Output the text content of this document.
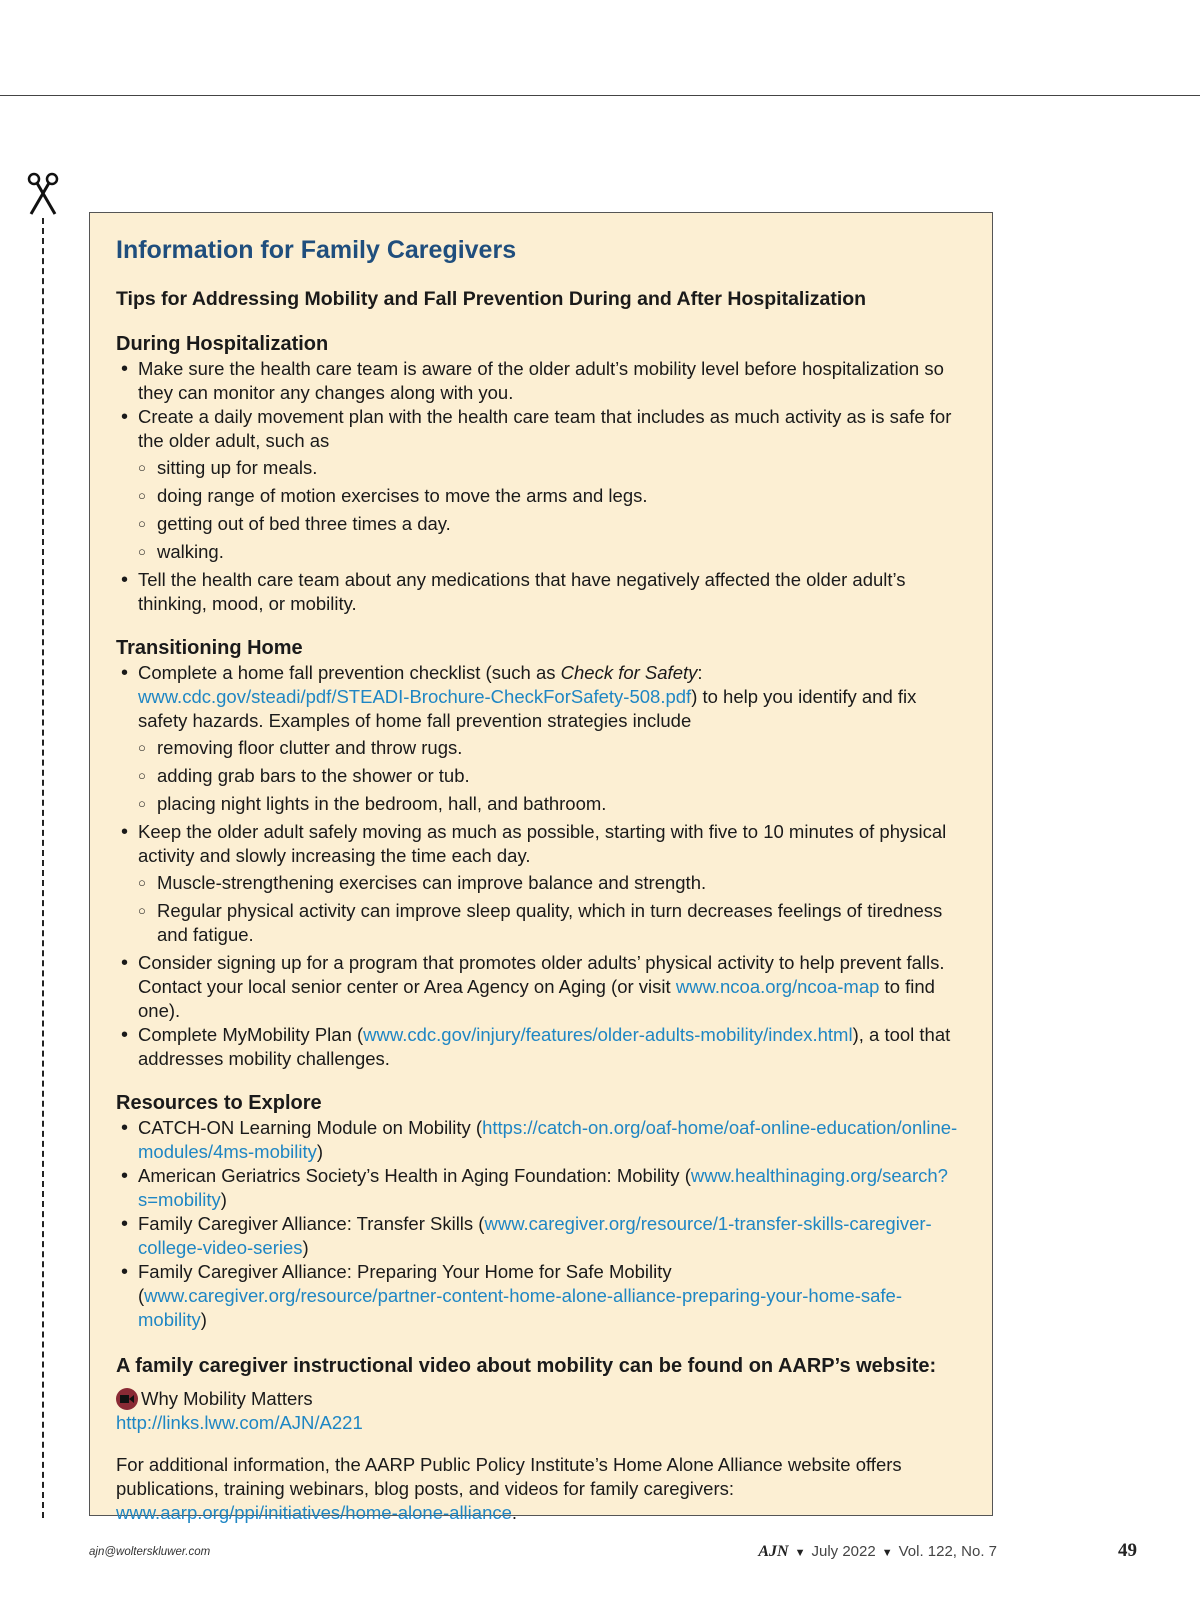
Information for Family Caregivers
Tips for Addressing Mobility and Fall Prevention During and After Hospitalization
During Hospitalization
• Make sure the health care team is aware of the older adult’s mobility level before hospitalization so they can monitor any changes along with you.
• Create a daily movement plan with the health care team that includes as much activity as is safe for the older adult, such as
○ sitting up for meals.
○ doing range of motion exercises to move the arms and legs.
○ getting out of bed three times a day.
○ walking.
• Tell the health care team about any medications that have negatively affected the older adult’s thinking, mood, or mobility.
Transitioning Home
• Complete a home fall prevention checklist (such as Check for Safety: www.cdc.gov/steadi/pdf/STEADI-Brochure-CheckForSafety-508.pdf) to help you identify and fix safety hazards. Examples of home fall prevention strategies include
○ removing floor clutter and throw rugs.
○ adding grab bars to the shower or tub.
○ placing night lights in the bedroom, hall, and bathroom.
• Keep the older adult safely moving as much as possible, starting with five to 10 minutes of physical activity and slowly increasing the time each day.
○ Muscle-strengthening exercises can improve balance and strength.
○ Regular physical activity can improve sleep quality, which in turn decreases feelings of tiredness and fatigue.
• Consider signing up for a program that promotes older adults’ physical activity to help prevent falls. Contact your local senior center or Area Agency on Aging (or visit www.ncoa.org/ncoa-map to find one).
• Complete MyMobility Plan (www.cdc.gov/injury/features/older-adults-mobility/index.html), a tool that addresses mobility challenges.
Resources to Explore
• CATCH-ON Learning Module on Mobility (https://catch-on.org/oaf-home/oaf-online-education/online-modules/4ms-mobility)
• American Geriatrics Society’s Health in Aging Foundation: Mobility (www.healthinaging.org/search?s=mobility)
• Family Caregiver Alliance: Transfer Skills (www.caregiver.org/resource/1-transfer-skills-caregiver-college-video-series)
• Family Caregiver Alliance: Preparing Your Home for Safe Mobility (www.caregiver.org/resource/partner-content-home-alone-alliance-preparing-your-home-safe-mobility)
A family caregiver instructional video about mobility can be found on AARP’s website:
Why Mobility Matters
http://links.lww.com/AJN/A221

For additional information, the AARP Public Policy Institute’s Home Alone Alliance website offers publications, training webinars, blog posts, and videos for family caregivers: www.aarp.org/ppi/initiatives/home-alone-alliance.

ajn@wolterskluwer.com	AJN ▼ July 2022 ▼ Vol. 122, No. 7	49
